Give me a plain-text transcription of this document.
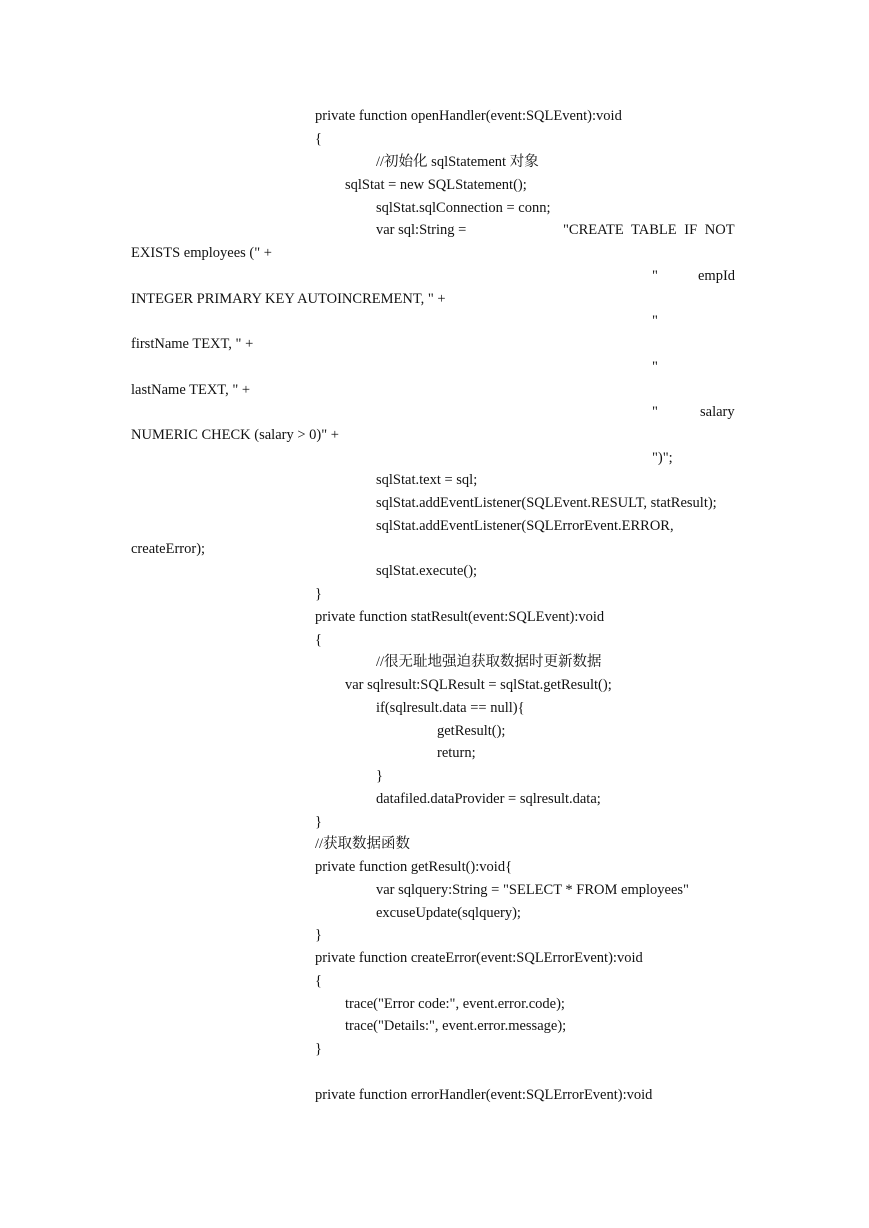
private function openHandler(event:SQLEvent):void
{
//初始化 sqlStatement 对象
sqlStat = new SQLStatement();
sqlStat.sqlConnection = conn;
var sql:String =	"CREATE TABLE IF NOT
EXISTS employees (" +
"	empId
INTEGER PRIMARY KEY AUTOINCREMENT, " +
"
firstName TEXT, " +
"
lastName TEXT, " +
"	salary
NUMERIC CHECK (salary > 0)" +
")";
sqlStat.text = sql;
sqlStat.addEventListener(SQLEvent.RESULT, statResult);
sqlStat.addEventListener(SQLErrorEvent.ERROR,
createError);
sqlStat.execute();
}
private function statResult(event:SQLEvent):void
{
//很无耻地强迫获取数据时更新数据
var sqlresult:SQLResult = sqlStat.getResult();
if(sqlresult.data == null){
getResult();
return;
}
datafiled.dataProvider = sqlresult.data;
}
//获取数据函数
private function getResult():void{
var sqlquery:String = "SELECT * FROM employees"
excuseUpdate(sqlquery);
}
private function createError(event:SQLErrorEvent):void
{
trace("Error code:", event.error.code);
trace("Details:", event.error.message);
}
private function errorHandler(event:SQLErrorEvent):void
